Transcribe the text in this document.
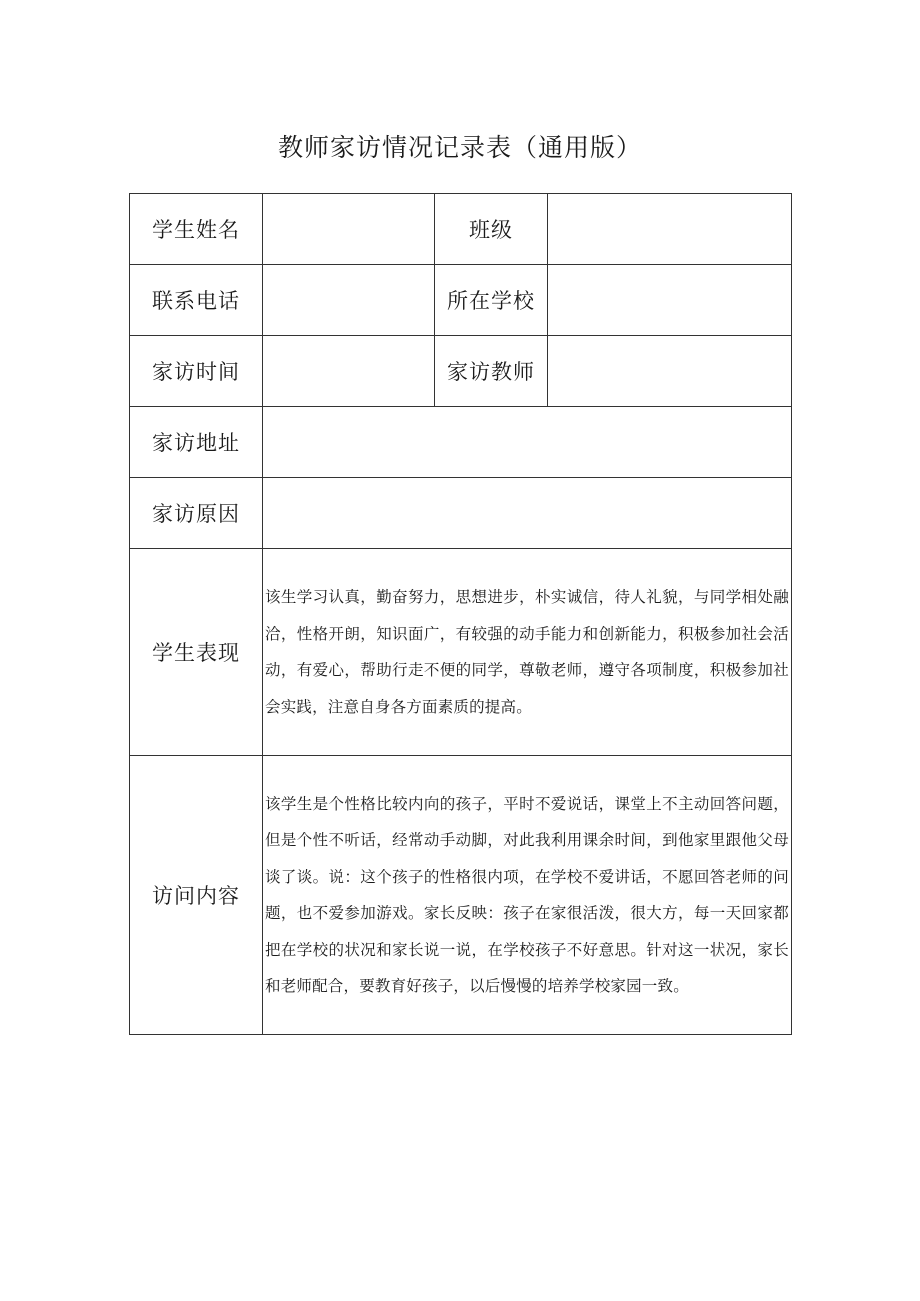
教师家访情况记录表（通用版）
学生姓名		班级	
联系电话		所在学校	
家访时间		家访教师	
家访地址			
家访原因			
学生表现	该生学习认真，勤奋努力，思想进步，朴实诚信，待人礼貌，与同学相处融洽，性格开朗，知识面广，有较强的动手能力和创新能力，积极参加社会活动，有爱心，帮助行走不便的同学，尊敬老师，遵守各项制度，积极参加社会实践，注意自身各方面素质的提高。		

访问内容	该学生是个性格比较内向的孩子，平时不爱说话，课堂上不主动回答问题，但是个性不听话，经常动手动脚，对此我利用课余时间，到他家里跟他父母谈了谈。说：这个孩子的性格很内项，在学校不爱讲话，不愿回答老师的问题，也不爱参加游戏。家长反映：孩子在家很活泼，很大方，每一天回家都把在学校的状况和家长说一说，在学校孩子不好意思。针对这一状况，家长和老师配合，要教育好孩子，以后慢慢的培养学校家园一致。		
